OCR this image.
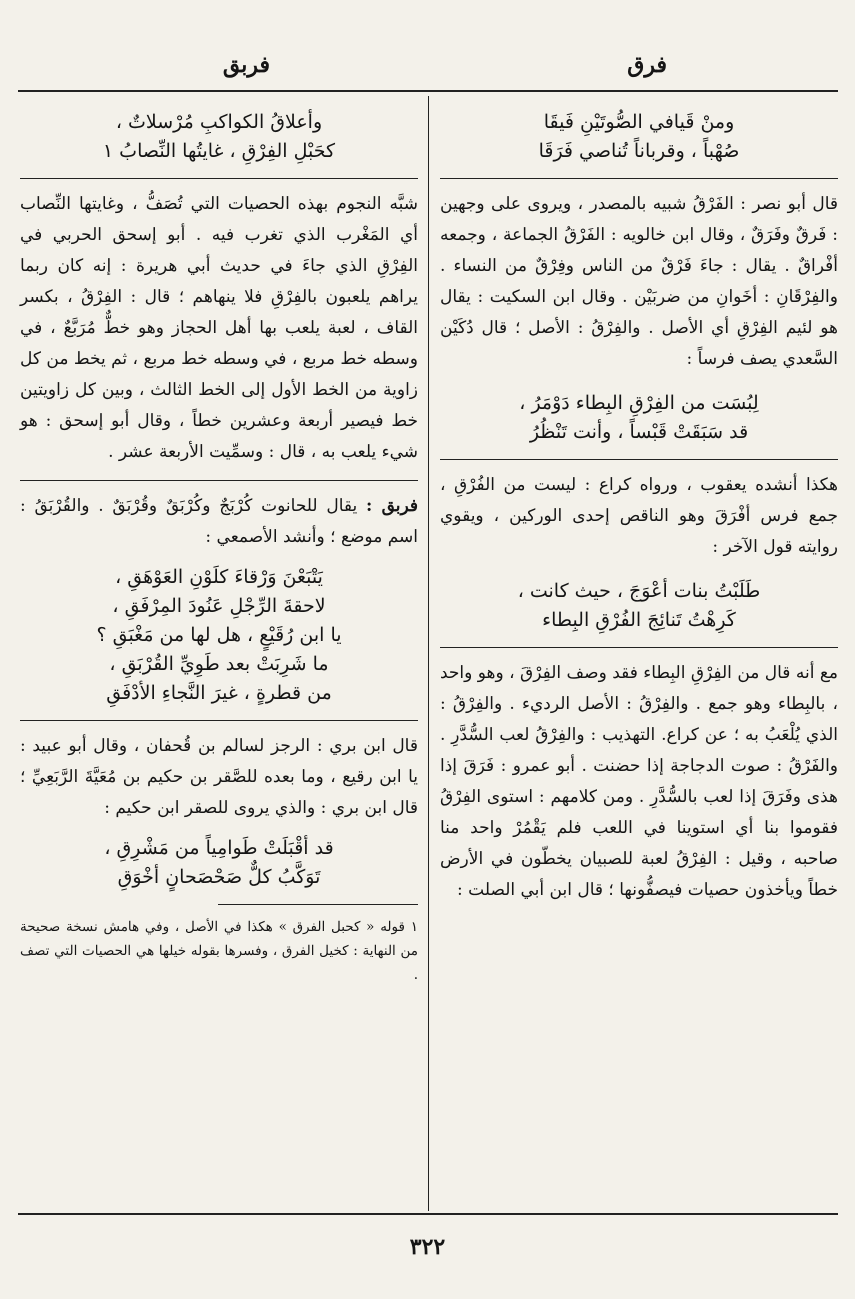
فرق
فربق
ومنْ قَيافي الصُّوتَيْنِ فَيقَا
صُهْباً ، وقرباناً تُناصي فَرَقَا

قال أبو نصر : الفَرْقُ شبيه بالمصدر ، ويروى على وجهين : فَرقٌ وفَرَقٌ ، وقال ابن خالويه : الفَرْقُ الجماعة ، وجمعه أفْراقٌ . يقال : جاءَ فَرْقٌ من الناس وفِرْقٌ من النساء . والفِرْقَانِ : أخَوانِ من ضربَيْن . وقال ابن السكيت : يقال هو لئيم الفِرْقِ أي الأصل . والفِرْقُ : الأصل ؛ قال دُكَيْن السَّعدي يصف فرساً :

لِبُسَت من الفِرْقِ البِطاء دَوْمَرُ ،
قد سَبَقَتْ قَبْساً ، وأنت تَنْظُرُ

هكذا أنشده يعقوب ، ورواه كراع : ليست من الفُرْقِ ، جمع فرس أفْرَقَ وهو الناقص إحدى الوركين ، ويقوي روايته قول الآخر :

طَلَبْتُ بنات أعْوَجَ ، حيث كانت ،
كَرِهْتُ تَنائِجَ الفُرْقِ البِطاء

مع أنه قال من الفِرْقِ البِطاء فقد وصف الفِرْقَ ، وهو واحد ، بالبِطاء وهو جمع . والفِرْقُ : الأصل الرديء . والفِرْقُ : الذي يُلْعَبُ به ؛ عن كراع. التهذيب : والفِرْقُ لعب السُّدَّرِ . والفَرْقُ : صوت الدجاجة إذا حضنت . أبو عمرو : فَرَقَ إذا هذى وفَرَقَ إذا لعب بالسُّدَّرِ . ومن كلامهم : استوى الفِرْقُ فقوموا بنا أي استوينا في اللعب فلم يَقْمُرْ واحد منا صاحبه ، وقيل : الفِرْقُ لعبة للصبيان يخطّون في الأرض خطاً ويأخذون حصيات فيصفُّونها ؛ قال ابن أبي الصلت :

وأعلاقُ الكواكبِ مُرْسلاتٌ ،
كحَبْلِ الفِرْقِ ، غايتُها النِّصابُ ١

شبَّه النجوم بهذه الحصيات التي تُصَفُّ ، وغايتها النِّصاب أي المَغْرب الذي تغرب فيه . أبو إسحق الحربي في الفِرْقِ الذي جاءَ في حديث أبي هريرة : إنه كان ربما يراهم يلعبون بالفِرْقِ فلا ينهاهم ؛ قال : الفِرْقُ ، بكسر القاف ، لعبة يلعب بها أهل الحجاز وهو خطٌّ مُرَبَّعٌ ، في وسطه خط مربع ، في وسطه خط مربع ، ثم يخط من كل زاوية من الخط الأول إلى الخط الثالث ، وبين كل زاويتين خط فيصير أربعة وعشرين خطاً ، وقال أبو إسحق : هو شيء يلعب به ، قال : وسمِّيت الأربعة عشر .

فربق : يقال للحانوت كُرْبَجٌ وكُرْبَقٌ وقُرْبَقٌ . والقُرْبَقُ : اسم موضع ؛ وأنشد الأصمعي :

يَتْبَعْنَ وَرْقاءَ كلَوْنِ العَوْهَقِ ،
لاحقةَ الرِّجْلِ عَنُودَ المِرْفَقِ ،
يا ابن رُقَيْعٍ ، هل لها من مَغْبَقِ ؟
ما شَرِبَتْ بعد طَوِيِّ القُرْبَقِ ،
من قطرةٍ ، غيرَ النَّجاءِ الأدْفَقِ

قال ابن بري : الرجز لسالم بن قُحفان ، وقال أبو عبيد : يا ابن رقيع ، وما بعده للصَّقر بن حكيم بن مُعَيَّةَ الرَّبَعِيِّ ؛ قال ابن بري : والذي يروى للصقر ابن حكيم :

قد أقْبَلَتْ طَوامِياً من مَشْرِقِ ،
تَوَكَّبُ كلٌّ صَحْصَحانٍ أخْوَقِ
١ قوله « كحبل الفرق » هكذا في الأصل ، وفي هامش نسخة صحيحة من النهاية : كخيل الفرق ، وفسرها بقوله خيلها هي الحصيات التي تصف .
٣٢٢
